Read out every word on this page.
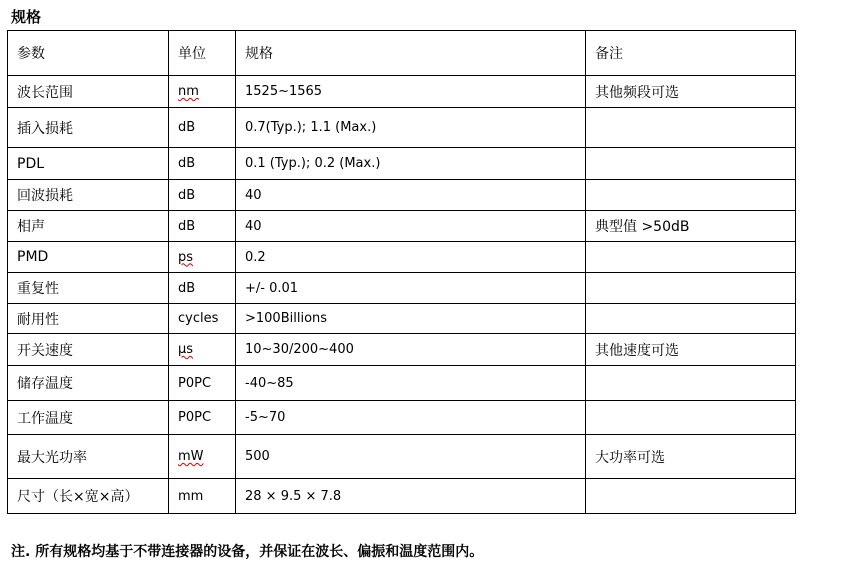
规格
参数	单位	规格	备注
波长范围	nm	1525~1565	其他频段可选
插入损耗	dB	0.7(Typ.); 1.1 (Max.)	
PDL	dB	0.1 (Typ.); 0.2 (Max.)	
回波损耗	dB	40	
相声	dB	40	典型值 >50dB
PMD	ps	0.2	
重复性	dB	+/- 0.01	
耐用性	cycles	>100Billions	
开关速度	μs	10~30/200~400	其他速度可选
储存温度	P0PC	-40~85	
工作温度	P0PC	-5~70	
最大光功率	mW	500	大功率可选
尺寸（长×宽×高）	mm	28 × 9.5 × 7.8	
注. 所有规格均基于不带连接器的设备，并保证在波长、偏振和温度范围内。
